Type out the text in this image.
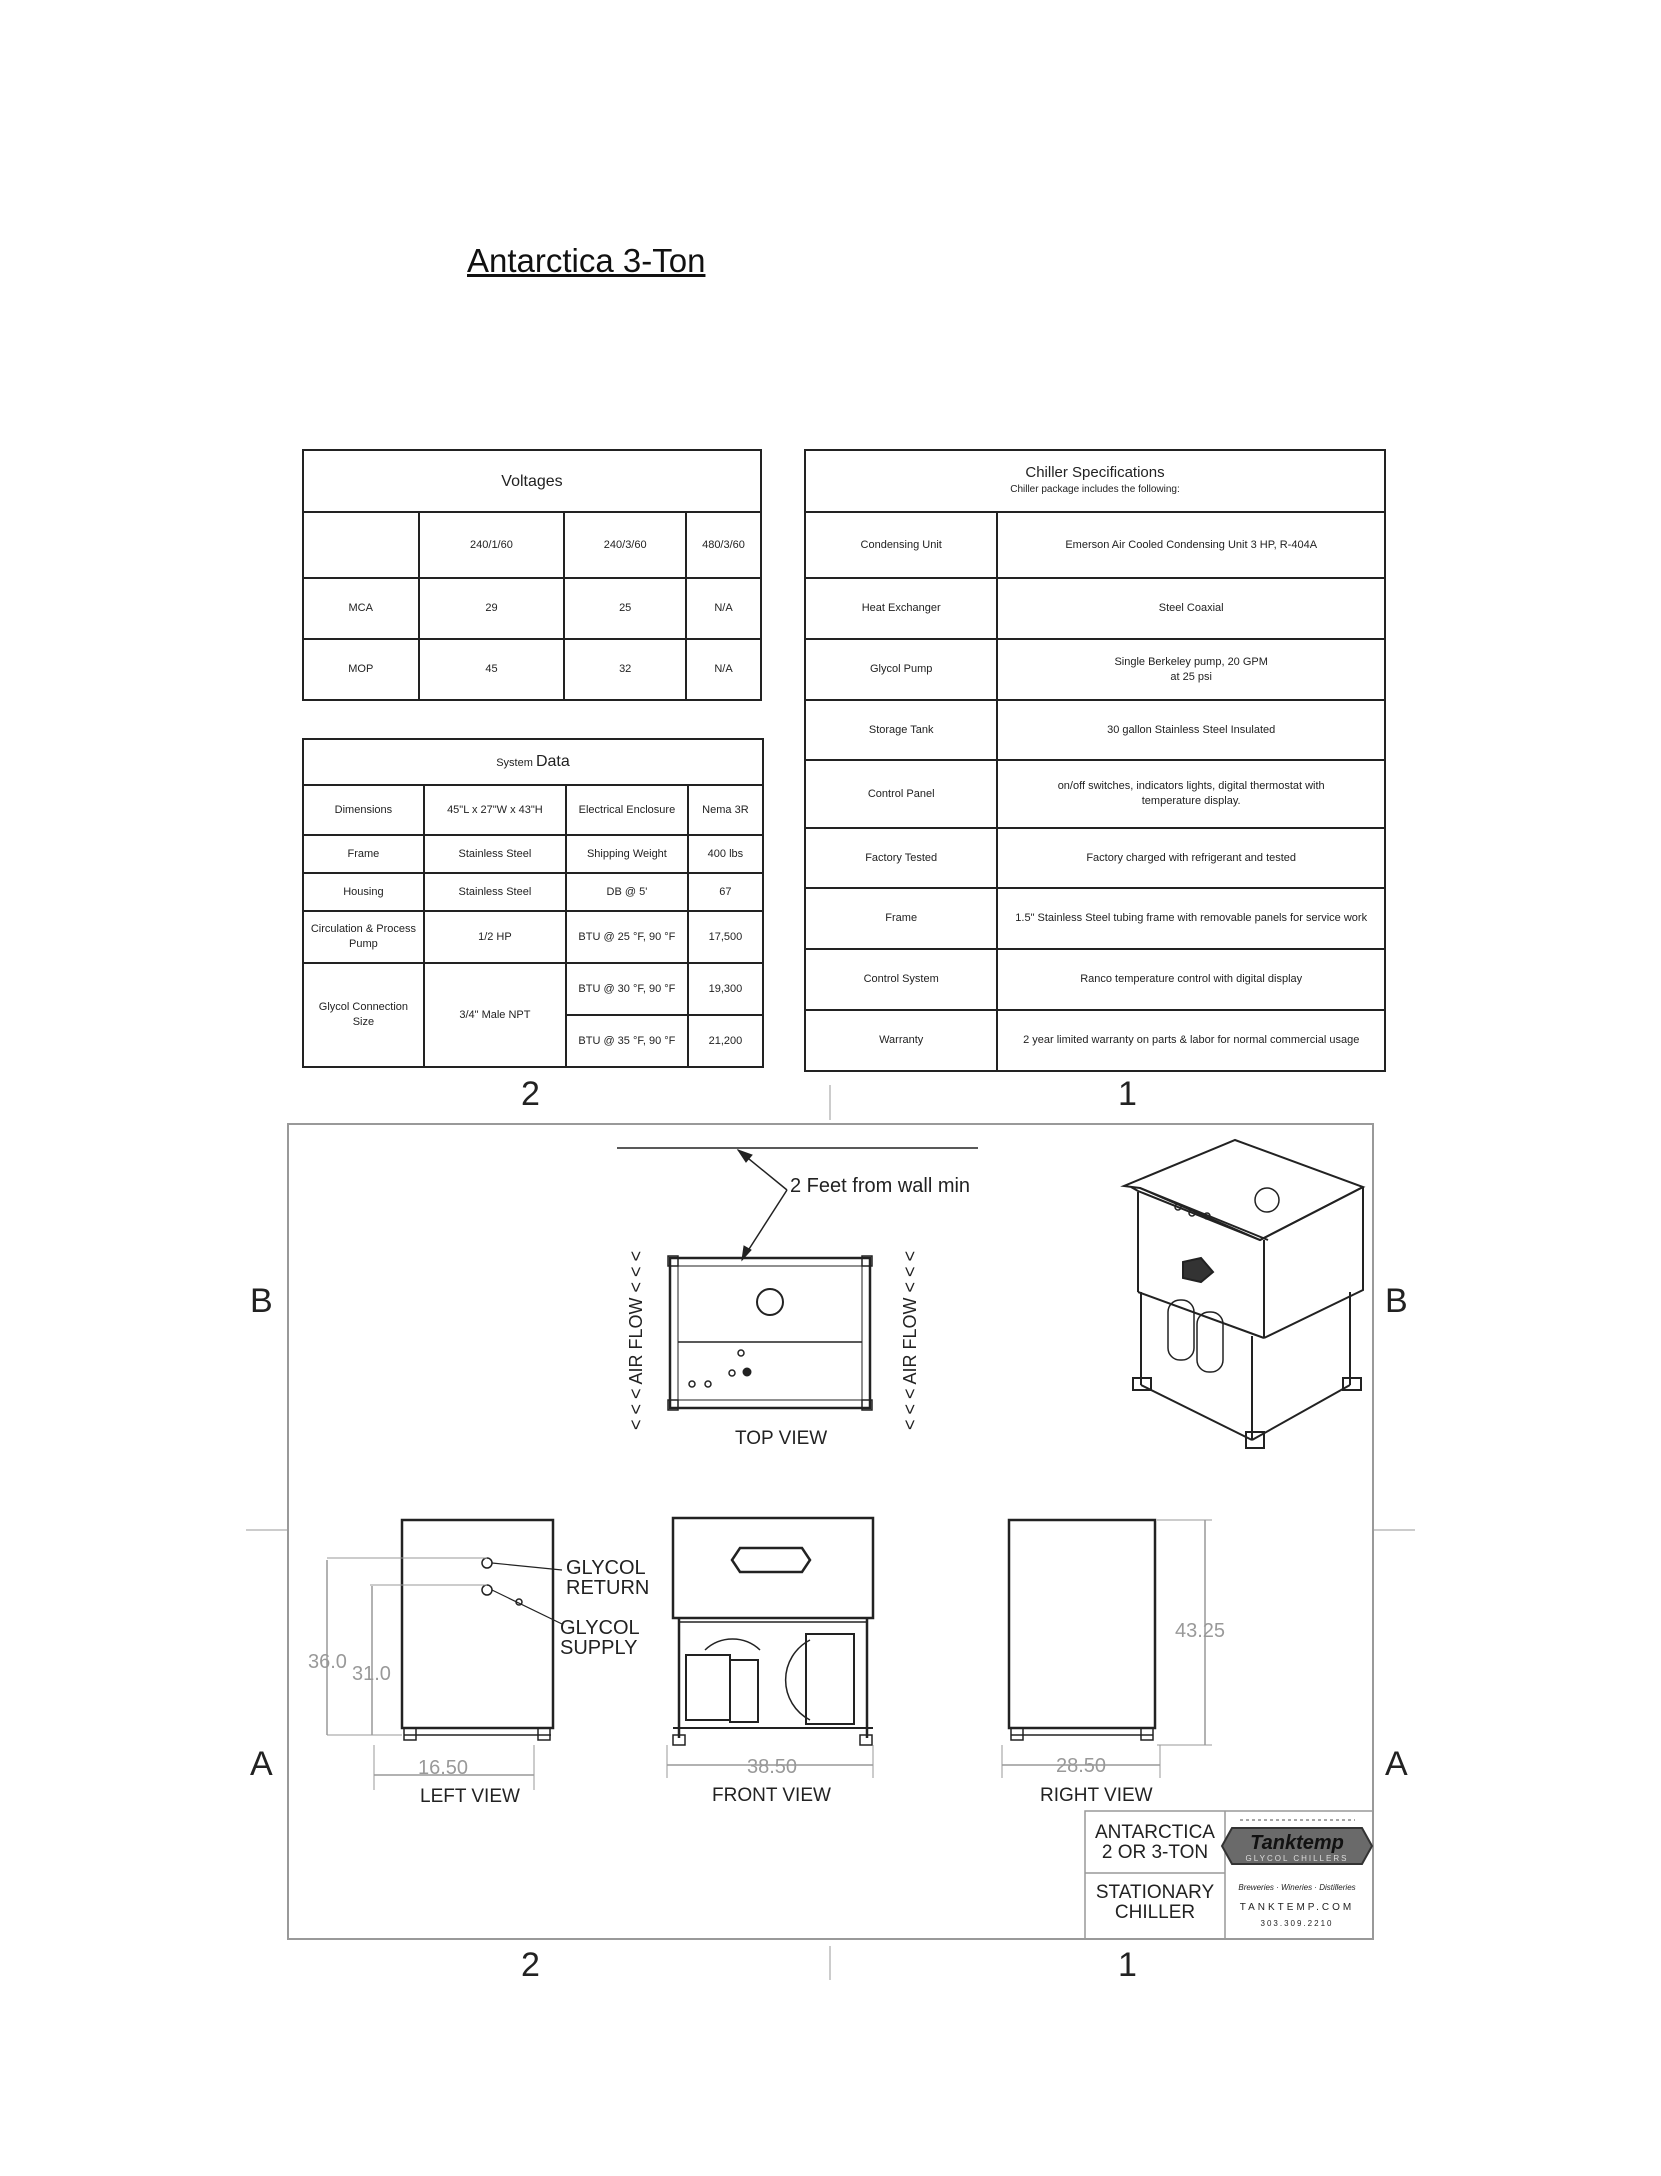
Antarctica 3-Ton
Voltages			
	240/1/60	240/3/60	480/3/60
MCA	29	25	N/A
MOP	45	32	N/A
System Data			
Dimensions	45"L x 27"W x 43"H	Electrical Enclosure	Nema 3R
Frame	Stainless Steel	Shipping Weight	400 lbs
Housing	Stainless Steel	DB @ 5'	67
Circulation & Process Pump	1/2 HP	BTU @ 25 °F, 90 °F	17,500
Glycol Connection Size	3/4" Male NPT	BTU @ 30 °F, 90 °F	19,300
		BTU @ 35 °F, 90 °F	21,200
Chiller Specifications
Chiller package includes the following:	

Condensing Unit	Emerson Air Cooled Condensing Unit 3 HP, R-404A
Heat Exchanger	Steel Coaxial
Glycol Pump	Single Berkeley pump, 20 GPM at 25 psi
Storage Tank	30 gallon Stainless Steel Insulated
Control Panel	on/off switches, indicators lights, digital thermostat with temperature display.
Factory Tested	Factory charged with refrigerant and tested
Frame	1.5" Stainless Steel tubing frame with removable panels for service work
Control System	Ranco temperature control with digital display
Warranty	2 year limited warranty on parts & labor for normal commercial usage
2	1
2	1
B	B
A	A
2 Feet from wall min
< < < AIR FLOW < < <	< < < AIR FLOW < < <
TOP VIEW
GLYCOL
RETURN
GLYCOL
SUPPLY
36.0
31.0
16.50
LEFT VIEW
38.50
FRONT VIEW
43.25
28.50
RIGHT VIEW
ANTARCTICA
2 OR 3-TON
STATIONARY
CHILLER
Tanktemp
GLYCOL CHILLERS
Breweries · Wineries · Distilleries
TANKTEMP.COM
303.309.2210
